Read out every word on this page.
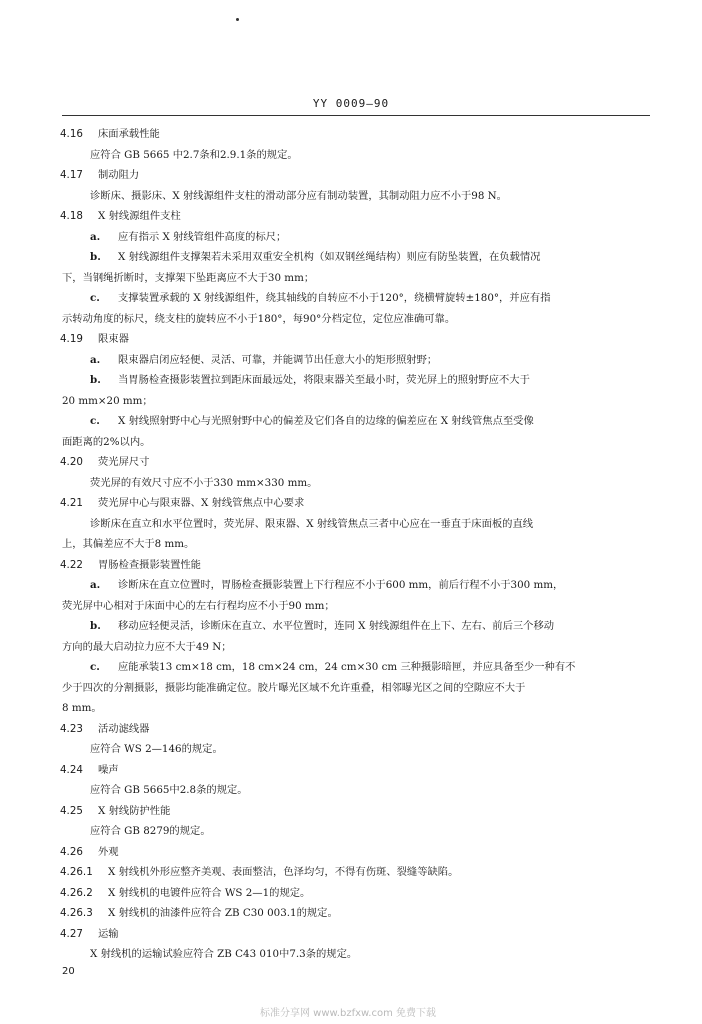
YY 0009—90
4.16 床面承载性能
应符合 GB 5665 中2.7条和2.9.1条的规定。
4.17 制动阻力
诊断床、摄影床、X 射线源组件支柱的滑动部分应有制动装置，其制动阻力应不小于98 N。
4.18 X 射线源组件支柱
a. 应有指示 X 射线管组件高度的标尺；
b. X 射线源组件支撑架若未采用双重安全机构（如双钢丝绳结构）则应有防坠装置，在负载情况
下，当钢绳折断时，支撑架下坠距离应不大于30 mm；
c. 支撑装置承载的 X 射线源组件，绕其轴线的自转应不小于120°，绕横臂旋转±180°，并应有指
示转动角度的标尺，绕支柱的旋转应不小于180°，每90°分档定位，定位应准确可靠。
4.19 限束器
a. 限束器启闭应轻便、灵活、可靠，并能调节出任意大小的矩形照射野；
b. 当胃肠检查摄影装置拉到距床面最远处，将限束器关至最小时，荧光屏上的照射野应不大于
20 mm×20 mm；
c. X 射线照射野中心与光照射野中心的偏差及它们各自的边缘的偏差应在 X 射线管焦点至受像
面距离的2%以内。
4.20 荧光屏尺寸
荧光屏的有效尺寸应不小于330 mm×330 mm。
4.21 荧光屏中心与限束器、X 射线管焦点中心要求
诊断床在直立和水平位置时，荧光屏、限束器、X 射线管焦点三者中心应在一垂直于床面板的直线
上，其偏差应不大于8 mm。
4.22 胃肠检查摄影装置性能
a. 诊断床在直立位置时，胃肠检查摄影装置上下行程应不小于600 mm，前后行程不小于300 mm，
荧光屏中心相对于床面中心的左右行程均应不小于90 mm；
b. 移动应轻便灵活，诊断床在直立、水平位置时，连同 X 射线源组件在上下、左右、前后三个移动
方向的最大启动拉力应不大于49 N；
c. 应能承装13 cm×18 cm，18 cm×24 cm，24 cm×30 cm 三种摄影暗匣，并应具备至少一种有不
少于四次的分割摄影，摄影均能准确定位。胶片曝光区域不允许重叠，相邻曝光区之间的空隙应不大于
8 mm。
4.23 活动滤线器
应符合 WS 2—146的规定。
4.24 噪声
应符合 GB 5665中2.8条的规定。
4.25 X 射线防护性能
应符合 GB 8279的规定。
4.26 外观
4.26.1 X 射线机外形应整齐美观、表面整洁，色泽均匀，不得有伤斑、裂缝等缺陷。
4.26.2 X 射线机的电镀件应符合 WS 2—1的规定。
4.26.3 X 射线机的油漆件应符合 ZB C30 003.1的规定。
4.27 运输
X 射线机的运输试验应符合 ZB C43 010中7.3条的规定。
20
标准分享网 www.bzfxw.com 免费下载
